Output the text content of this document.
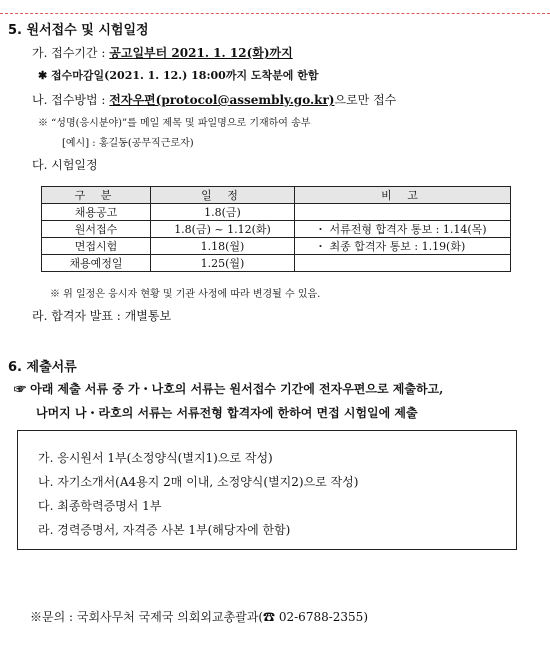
5. 원서접수 및 시험일정
가. 접수기간 : 공고일부터 2021. 1. 12(화)까지
✱ 접수마감일(2021. 1. 12.) 18:00까지 도착분에 한함
나. 접수방법 : 전자우편(protocol@assembly.go.kr)으로만 접수
※ “성명(응시분야)”를 메일 제목 및 파일명으로 기재하여 송부
[예시] : 홍길동(공무직근로자)
다. 시험일정
구 분	일 정	비 고
채용공고	1.8(금)	
원서접수	1.8(금) ~ 1.12(화)	・ 서류전형 합격자 통보 : 1.14(목)
면접시험	1.18(월)	・ 최종 합격자 통보 : 1.19(화)
채용예정일	1.25(월)	
※ 위 일정은 응시자 현황 및 기관 사정에 따라 변경될 수 있음.
라. 합격자 발표 : 개별통보
6. 제출서류
☞ 아래 제출 서류 중 가・나호의 서류는 원서접수 기간에 전자우편으로 제출하고,
나머지 나・라호의 서류는 서류전형 합격자에 한하여 면접 시험일에 제출
가. 응시원서 1부(소정양식(별지1)으로 작성)
나. 자기소개서(A4용지 2매 이내, 소정양식(별지2)으로 작성)
다. 최종학력증명서 1부
라. 경력증명서, 자격증 사본 1부(해당자에 한함)
※문의 : 국회사무처 국제국 의회외교총괄과(☎ 02-6788-2355)
